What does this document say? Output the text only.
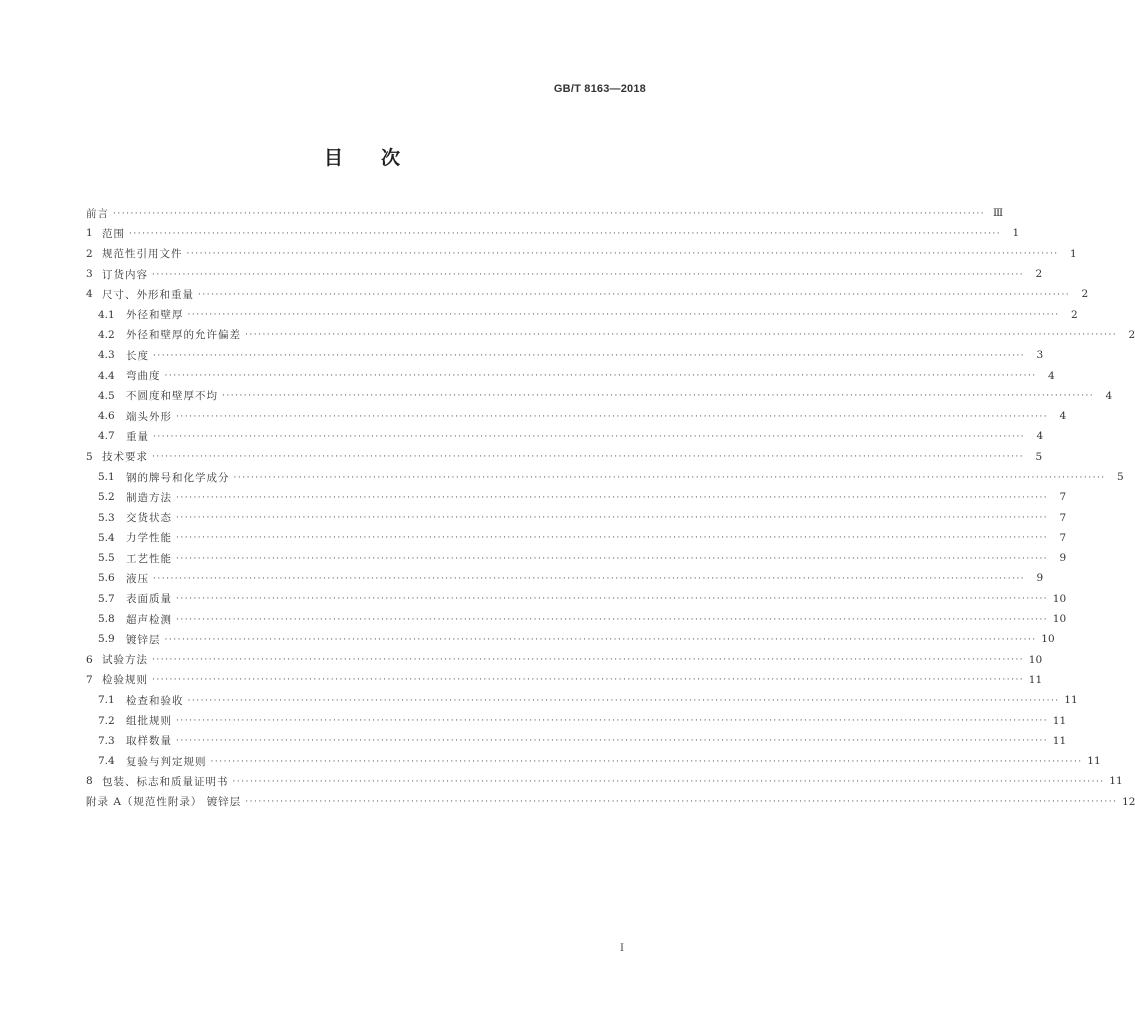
GB/T 8163—2018
目 次
前言 ········································································································································································································ Ⅲ
1 范围 ········································································································································································································	1
2 规范性引用文件 ········································································································································································································	1
3 订货内容 ········································································································································································································	2
4 尺寸、外形和重量 ········································································································································································································	2
4.1	外径和壁厚 ········································································································································································································	2
4.2	外径和壁厚的允许偏差 ········································································································································································································	2
4.3	长度 ········································································································································································································	3
4.4	弯曲度 ········································································································································································································	4
4.5	不圆度和壁厚不均 ········································································································································································································	4
4.6	端头外形 ········································································································································································································	4
4.7	重量 ········································································································································································································	4
5 技术要求 ········································································································································································································	5
5.1	钢的牌号和化学成分 ········································································································································································································	5
5.2	制造方法 ········································································································································································································	7
5.3	交货状态 ········································································································································································································	7
5.4	力学性能 ········································································································································································································	7
5.5	工艺性能 ········································································································································································································	9
5.6	液压 ········································································································································································································	9
5.7	表面质量 ········································································································································································································ 10
5.8	超声检测 ········································································································································································································ 10
5.9	镀锌层 ········································································································································································································ 10
6 试验方法 ········································································································································································································ 10
7 检验规则 ········································································································································································································ 11
7.1	检查和验收 ········································································································································································································ 11
7.2	组批规则 ········································································································································································································ 11
7.3	取样数量 ········································································································································································································ 11
7.4	复验与判定规则 ········································································································································································································ 11
8 包装、标志和质量证明书 ········································································································································································································ 11
附录 A（规范性附录） 镀锌层 ········································································································································································································ 12
I
